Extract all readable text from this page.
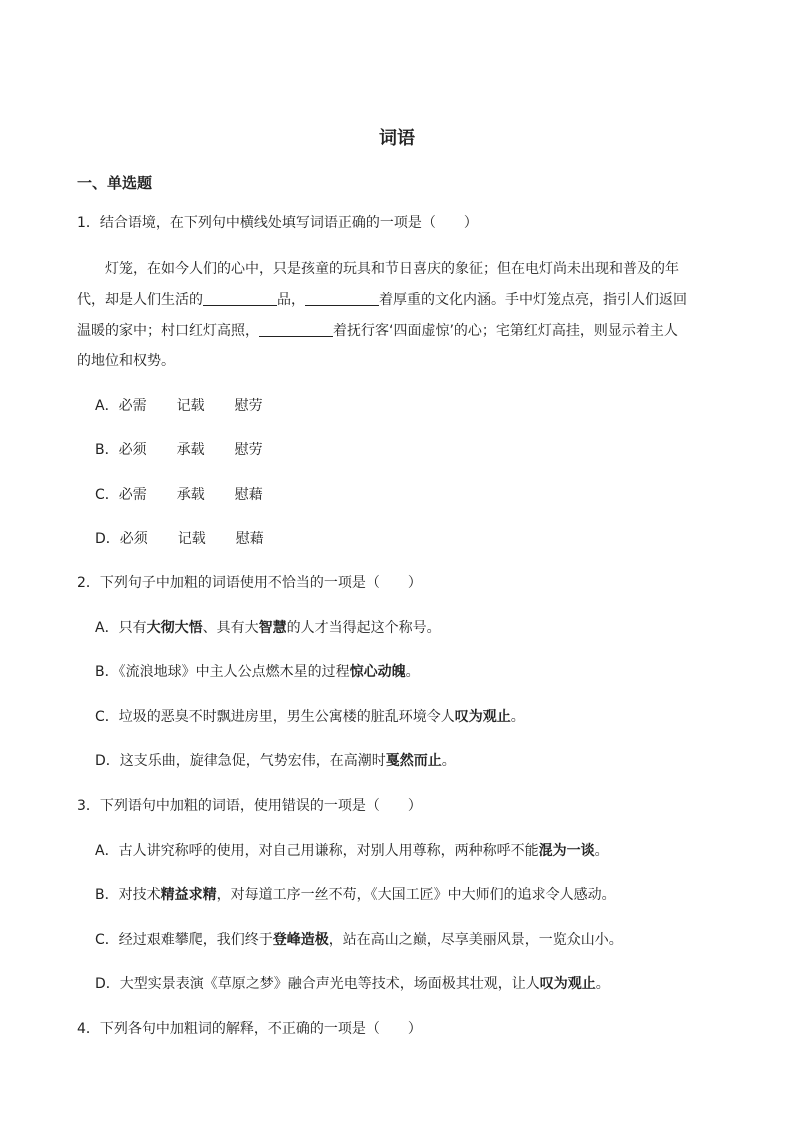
词语
一、单选题
1．结合语境，在下列句中横线处填写词语正确的一项是（　　）
灯笼，在如今人们的心中，只是孩童的玩具和节日喜庆的象征；但在电灯尚未出现和普及的年
代，却是人们生活的	品，	着厚重的文化内涵。手中灯笼点亮，指引人们返回
温暖的家中；村口红灯高照，	着抚行客‘四面虚惊’的心；宅第红灯高挂，则显示着主人
的地位和权势。
A．必需 记载 慰劳
B．必须 承载 慰劳
C．必需 承载 慰藉
D．必须 记载 慰藉
2．下列句子中加粗的词语使用不恰当的一项是（　　）
A．只有大彻大悟、具有大智慧的人才当得起这个称号。
B．《流浪地球》中主人公点燃木星的过程惊心动魄。
C．垃圾的恶臭不时飘进房里，男生公寓楼的脏乱环境令人叹为观止。
D．这支乐曲，旋律急促，气势宏伟，在高潮时戛然而止。
3．下列语句中加粗的词语，使用错误的一项是（　　）
A．古人讲究称呼的使用，对自己用谦称，对别人用尊称，两种称呼不能混为一谈。
B．对技术精益求精，对每道工序一丝不苟，《大国工匠》中大师们的追求令人感动。
C．经过艰难攀爬，我们终于登峰造极，站在高山之巅，尽享美丽风景，一览众山小。
D．大型实景表演《草原之梦》融合声光电等技术，场面极其壮观，让人叹为观止。
4．下列各句中加粗词的解释，不正确的一项是（　　）
